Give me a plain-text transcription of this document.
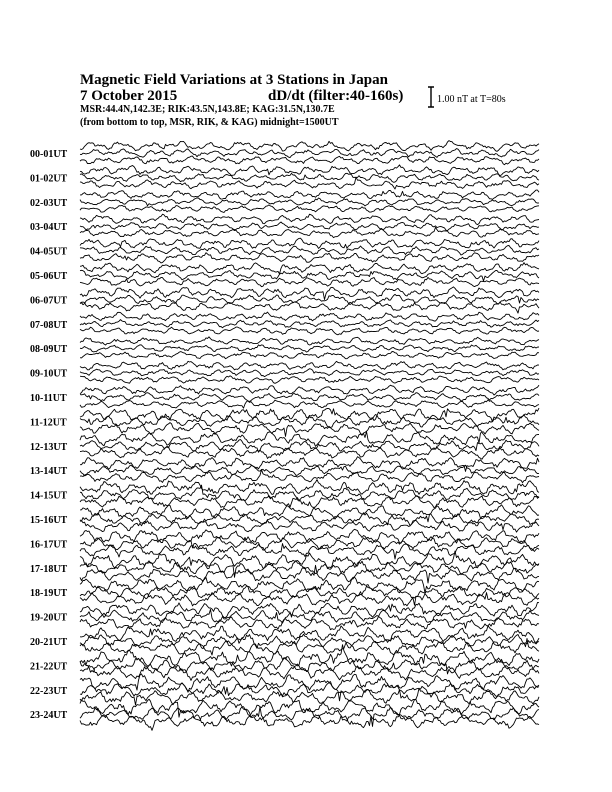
Magnetic Field Variations at 3 Stations in Japan
7 October 2015	dD/dt (filter:40-160s)
MSR:44.4N,142.3E; RIK:43.5N,143.8E; KAG:31.5N,130.7E
(from bottom to top, MSR, RIK, & KAG) midnight=1500UT
1.00 nT at T=80s
00-01UT
01-02UT
02-03UT
03-04UT
04-05UT
05-06UT
06-07UT
07-08UT
08-09UT
09-10UT
10-11UT
11-12UT
12-13UT
13-14UT
14-15UT
15-16UT
16-17UT
17-18UT
18-19UT
19-20UT
20-21UT
21-22UT
22-23UT
23-24UT
